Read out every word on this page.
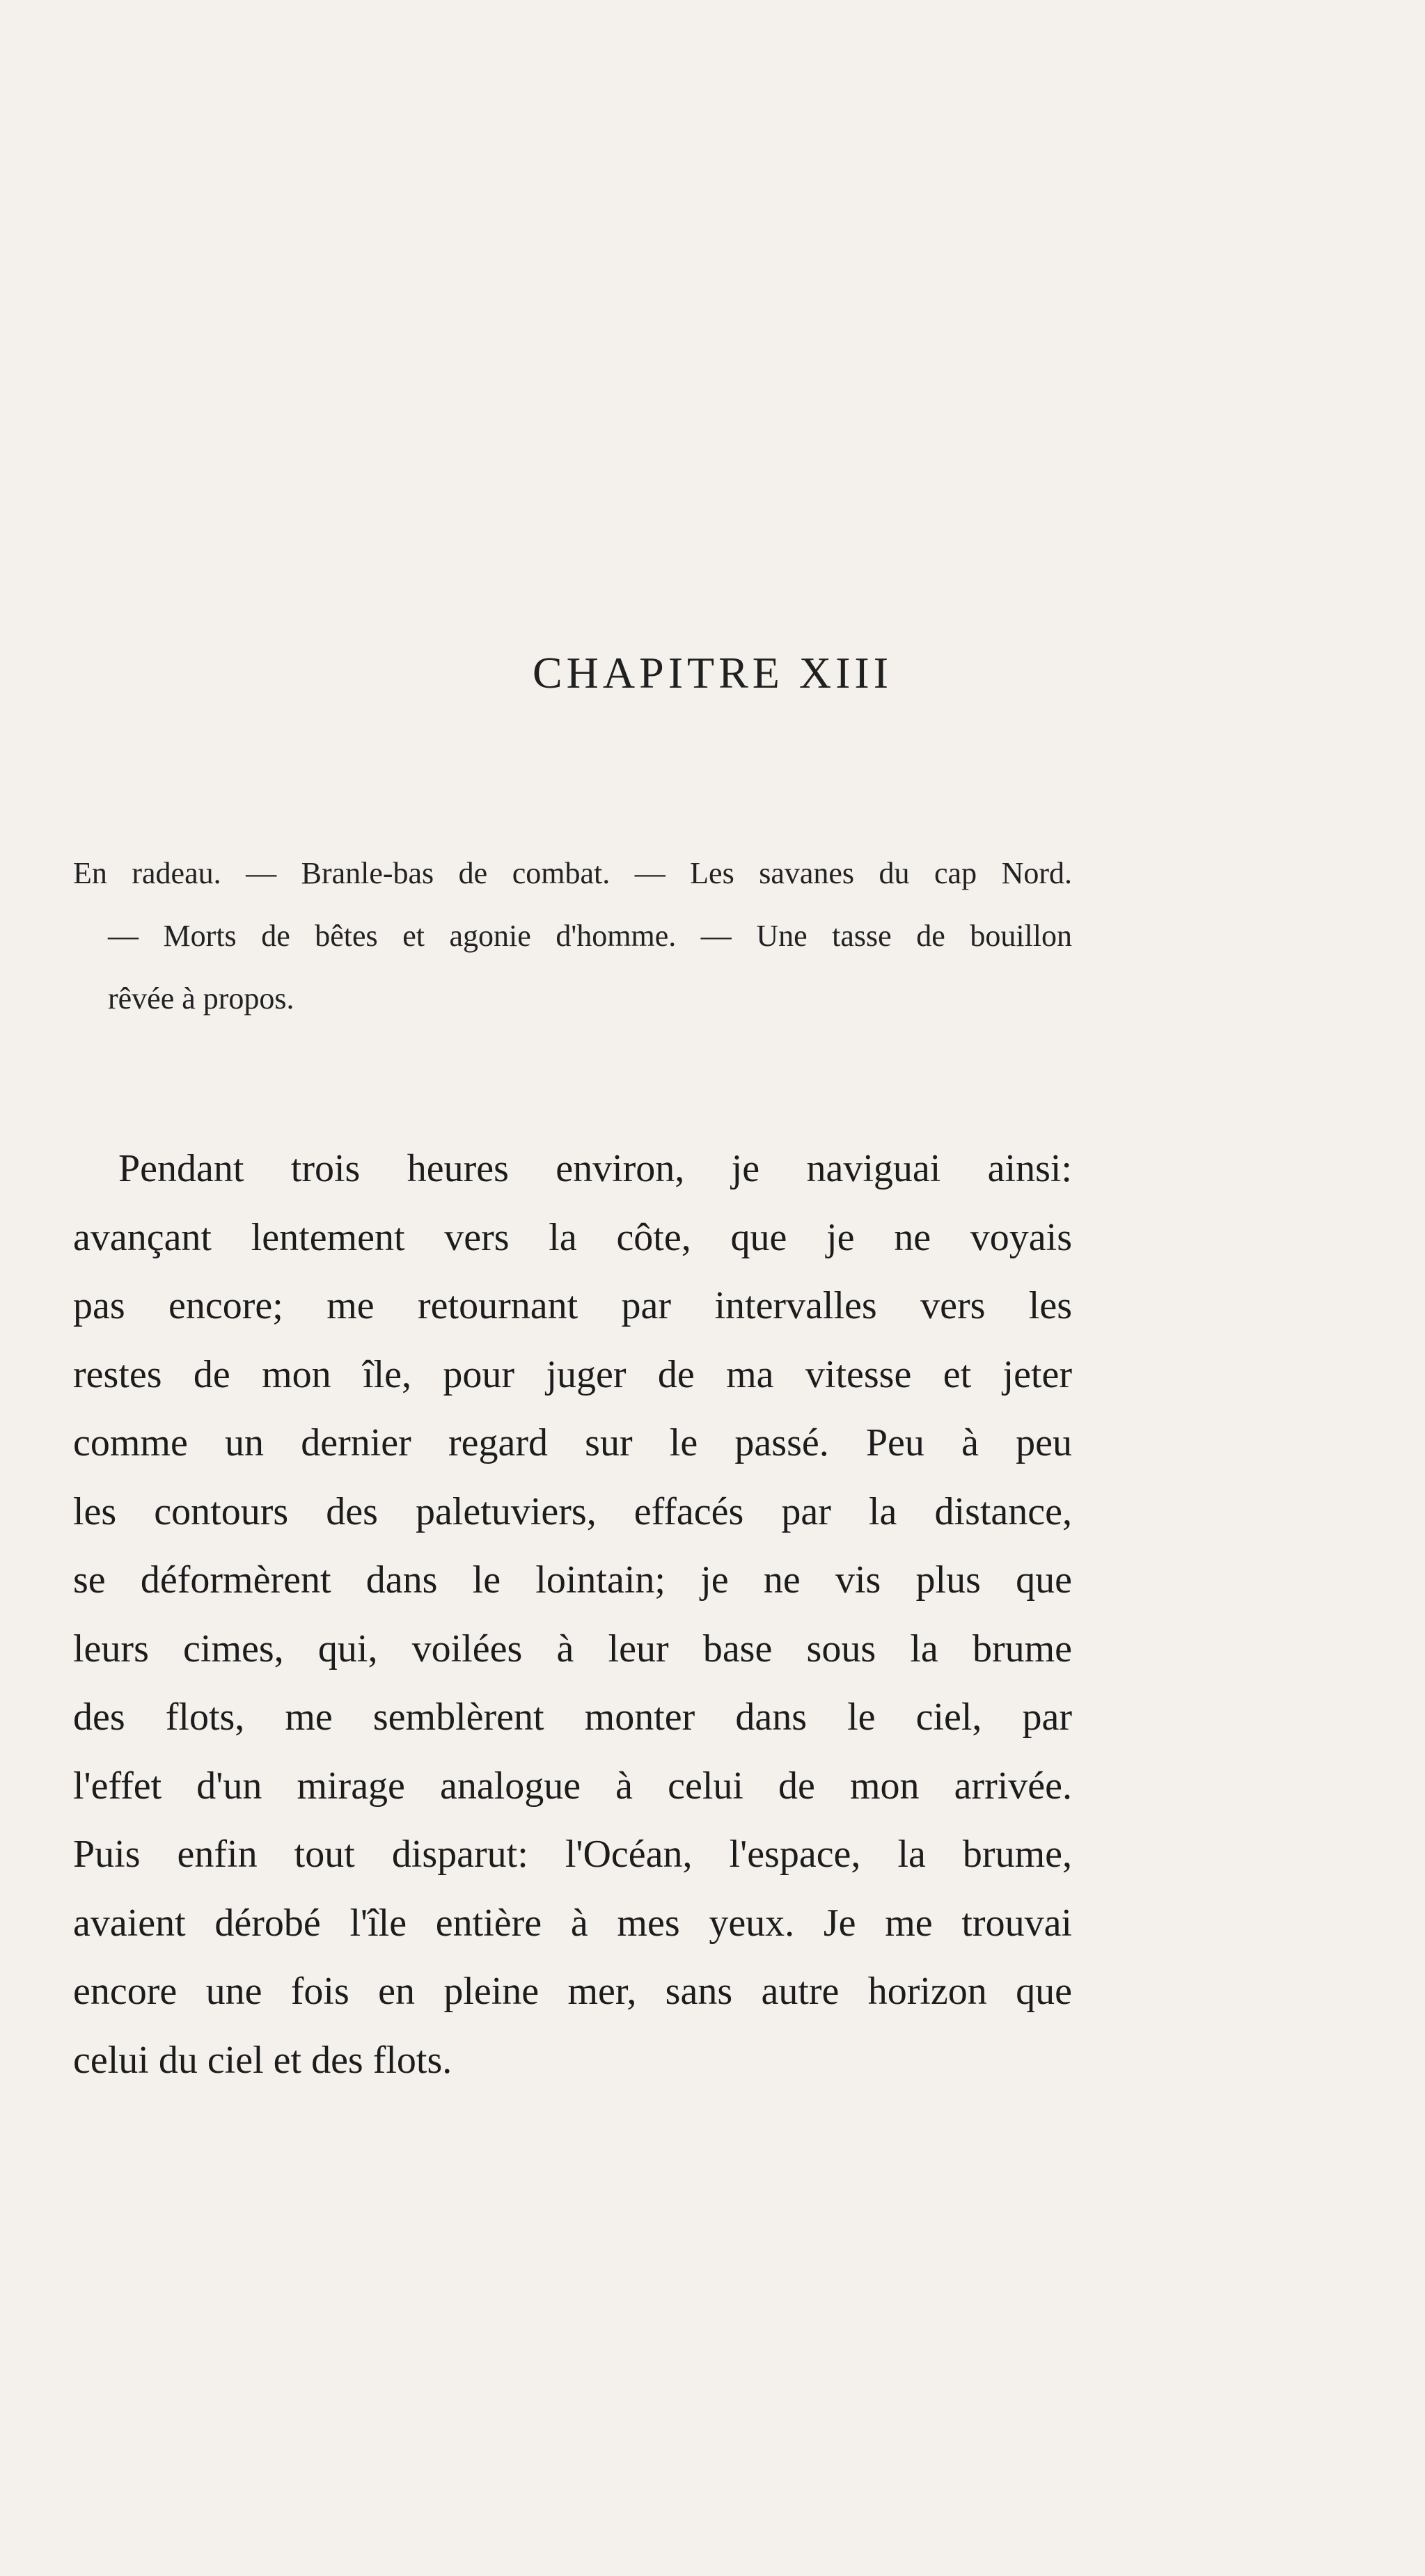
CHAPITRE XIII
En radeau. — Branle-bas de combat. — Les savanes du cap Nord.
— Morts de bêtes et agonie d'homme. — Une tasse de bouillon
rêvée à propos.
Pendant trois heures environ, je naviguai ainsi:
avançant lentement vers la côte, que je ne voyais
pas encore; me retournant par intervalles vers les
restes de mon île, pour juger de ma vitesse et jeter
comme un dernier regard sur le passé. Peu à peu
les contours des paletuviers, effacés par la distance,
se déformèrent dans le lointain; je ne vis plus que
leurs cimes, qui, voilées à leur base sous la brume
des flots, me semblèrent monter dans le ciel, par
l'effet d'un mirage analogue à celui de mon arrivée.
Puis enfin tout disparut: l'Océan, l'espace, la brume,
avaient dérobé l'île entière à mes yeux. Je me trouvai
encore une fois en pleine mer, sans autre horizon que
celui du ciel et des flots.
